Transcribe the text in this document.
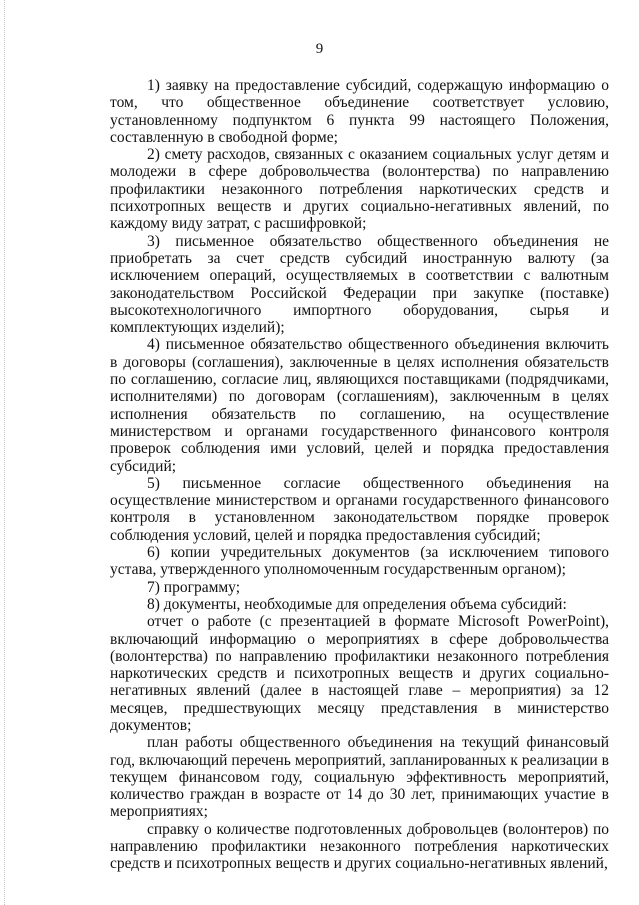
9

1) заявку на предоставление субсидий, содержащую информацию о том, что общественное объединение соответствует условию, установленному подпунктом 6 пункта 99 настоящего Положения, составленную в свободной форме;

2) смету расходов, связанных с оказанием социальных услуг детям и молодежи в сфере добровольчества (волонтерства) по направлению профилактики незаконного потребления наркотических средств и психотропных веществ и других социально-негативных явлений, по каждому виду затрат, с расшифровкой;

3) письменное обязательство общественного объединения не приобретать за счет средств субсидий иностранную валюту (за исключением операций, осуществляемых в соответствии с валютным законодательством Российской Федерации при закупке (поставке) высокотехнологичного импортного оборудования, сырья и комплектующих изделий);

4) письменное обязательство общественного объединения включить в договоры (соглашения), заключенные в целях исполнения обязательств по соглашению, согласие лиц, являющихся поставщиками (подрядчиками, исполнителями) по договорам (соглашениям), заключенным в целях исполнения обязательств по соглашению, на осуществление министерством и органами государственного финансового контроля проверок соблюдения ими условий, целей и порядка предоставления субсидий;

5) письменное согласие общественного объединения на осуществление министерством и органами государственного финансового контроля в установленном законодательством порядке проверок соблюдения условий, целей и порядка предоставления субсидий;

6) копии учредительных документов (за исключением типового устава, утвержденного уполномоченным государственным органом);

7) программу;

8) документы, необходимые для определения объема субсидий:

отчет о работе (с презентацией в формате Microsoft PowerPoint), включающий информацию о мероприятиях в сфере добровольчества (волонтерства) по направлению профилактики незаконного потребления наркотических средств и психотропных веществ и других социально-негативных явлений (далее в настоящей главе – мероприятия) за 12 месяцев, предшествующих месяцу представления в министерство документов;

план работы общественного объединения на текущий финансовый год, включающий перечень мероприятий, запланированных к реализации в текущем финансовом году, социальную эффективность мероприятий, количество граждан в возрасте от 14 до 30 лет, принимающих участие в мероприятиях;

справку о количестве подготовленных добровольцев (волонтеров) по направлению профилактики незаконного потребления наркотических средств и психотропных веществ и других социально-негативных явлений,
